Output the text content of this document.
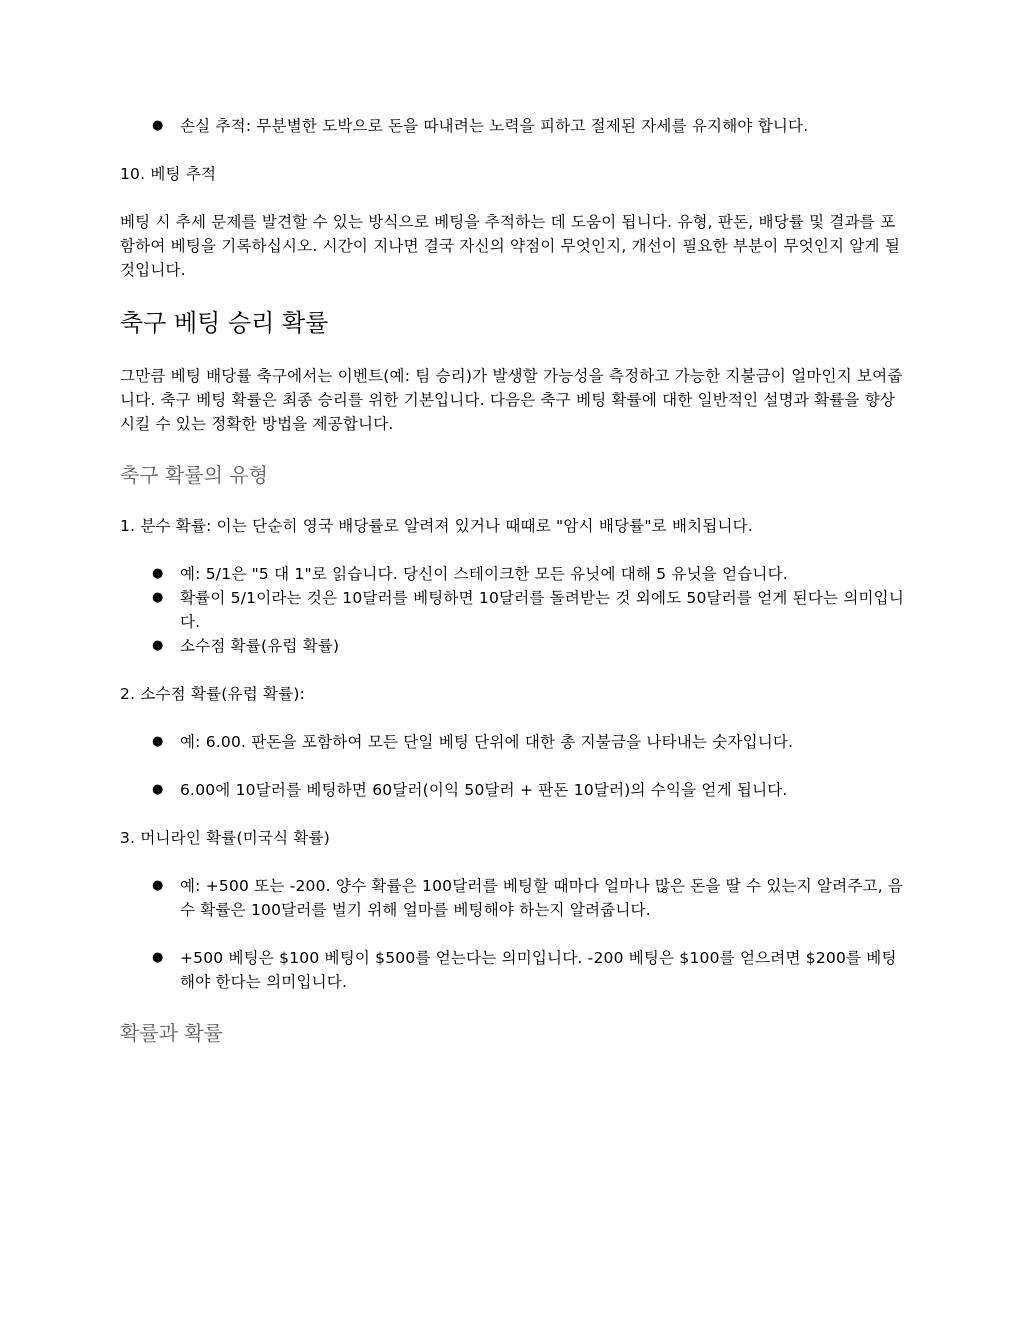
● 손실 추적: 무분별한 도박으로 돈을 따내려는 노력을 피하고 절제된 자세를 유지해야 합니다.

10. 베팅 추적

베팅 시 추세 문제를 발견할 수 있는 방식으로 베팅을 추적하는 데 도움이 됩니다. 유형, 판돈, 배당률 및 결과를 포함하여 베팅을 기록하십시오. 시간이 지나면 결국 자신의 약점이 무엇인지, 개선이 필요한 부분이 무엇인지 알게 될 것입니다.

축구 베팅 승리 확률

그만큼 베팅 배당률 축구에서는 이벤트(예: 팀 승리)가 발생할 가능성을 측정하고 가능한 지불금이 얼마인지 보여줍니다. 축구 베팅 확률은 최종 승리를 위한 기본입니다. 다음은 축구 베팅 확률에 대한 일반적인 설명과 확률을 향상시킬 수 있는 정확한 방법을 제공합니다.

축구 확률의 유형

1. 분수 확률: 이는 단순히 영국 배당률로 알려져 있거나 때때로 "암시 배당률"로 배치됩니다.

● 예: 5/1은 "5 대 1"로 읽습니다. 당신이 스테이크한 모든 유닛에 대해 5 유닛을 얻습니다.
● 확률이 5/1이라는 것은 10달러를 베팅하면 10달러를 돌려받는 것 외에도 50달러를 얻게 된다는 의미입니다.
● 소수점 확률(유럽 확률)

2. 소수점 확률(유럽 확률):

● 예: 6.00. 판돈을 포함하여 모든 단일 베팅 단위에 대한 총 지불금을 나타내는 숫자입니다.
● 6.00에 10달러를 베팅하면 60달러(이익 50달러 + 판돈 10달러)의 수익을 얻게 됩니다.

3. 머니라인 확률(미국식 확률)

● 예: +500 또는 -200. 양수 확률은 100달러를 베팅할 때마다 얼마나 많은 돈을 딸 수 있는지 알려주고, 음수 확률은 100달러를 벌기 위해 얼마를 베팅해야 하는지 알려줍니다.
● +500 베팅은 $100 베팅이 $500를 얻는다는 의미입니다. -200 베팅은 $100를 얻으려면 $200를 베팅해야 한다는 의미입니다.
확률과 확률
